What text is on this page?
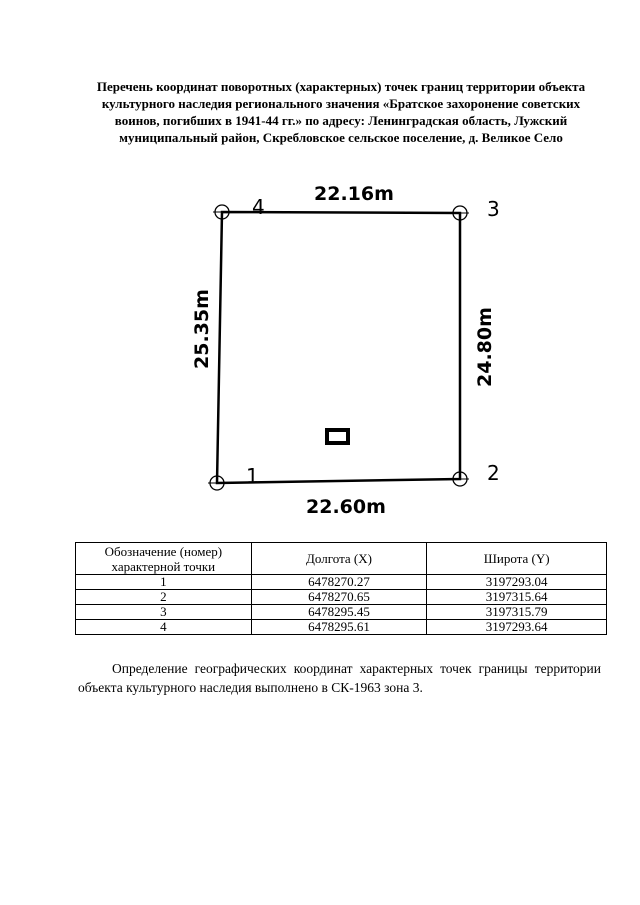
Перечень координат поворотных (характерных) точек границ территории объекта культурного наследия регионального значения «Братское захоронение советских воинов, погибших в 1941-44 гг.» по адресу: Ленинградская область, Лужский муниципальный район, Скребловское сельское поселение, д. Великое Село
1	2
3
4
22.16m
22.60m
25.35m	24.80m
Обозначение (номер) характерной точки	Долгота (X)	Широта (Y)
1	6478270.27	3197293.04
2	6478270.65	3197315.64
3	6478295.45	3197315.79
4	6478295.61	3197293.64
Определение географических координат характерных точек границы территории объекта культурного наследия выполнено в СК-1963 зона 3.
